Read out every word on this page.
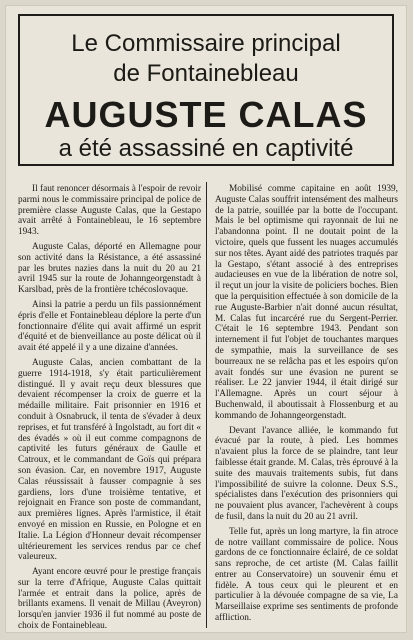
Le Commissaire principal
de Fontainebleau
AUGUSTE CALAS
a été assassiné en captivité

Il faut renoncer désormais à l'espoir de revoir parmi nous le commissaire principal de police de première classe Auguste Calas, que la Gestapo avait arrêté à Fontainebleau, le 16 septembre 1943.

Auguste Calas, déporté en Allemagne pour son activité dans la Résistance, a été assassiné par les brutes nazies dans la nuit du 20 au 21 avril 1945 sur la route de Johanngeorgenstadt à Karslbad, près de la frontière tchécoslovaque.

Ainsi la patrie a perdu un fils passionnément épris d'elle et Fontainebleau déplore la perte d'un fonctionnaire d'élite qui avait affirmé un esprit d'équité et de bienveillance au poste délicat où il avait été appelé il y a une dizaine d'années.

Auguste Calas, ancien combattant de la guerre 1914-1918, s'y était particulièrement distingué. Il y avait reçu deux blessures que devaient récompenser la croix de guerre et la médaille militaire. Fait prisonnier en 1916 et conduit à Osnabruck, il tenta de s'évader à deux reprises, et fut transféré à Ingolstadt, au fort dit « des évadés » où il eut comme compagnons de captivité les futurs généraux de Gaulle et Catroux, et le commandant de Goïs qui prépara son évasion. Car, en novembre 1917, Auguste Calas réussissait à fausser compagnie à ses gardiens, lors d'une troisième tentative, et rejoignait en France son poste de commandant, aux premières lignes. Après l'armistice, il était envoyé en mission en Russie, en Pologne et en Italie. La Légion d'Honneur devait récompenser ultérieurement les services rendus par ce chef valeureux.

Ayant encore œuvré pour le prestige français sur la terre d'Afrique, Auguste Calas quittait l'armée et entrait dans la police, après de brillants examens. Il venait de Millau (Aveyron) lorsqu'en janvier 1936 il fut nommé au poste de choix de Fontainebleau.

Mobilisé comme capitaine en août 1939, Auguste Calas souffrit intensément des malheurs de la patrie, souillée par la botte de l'occupant. Mais le bel optimisme qui rayonnait de lui ne l'abandonna point. Il ne doutait point de la victoire, quels que fussent les nuages accumulés sur nos têtes. Ayant aidé des patriotes traqués par la Gestapo, s'étant associé à des entreprises audacieuses en vue de la libération de notre sol, il reçut un jour la visite de policiers boches. Bien que la perquisition effectuée à son domicile de la rue Auguste-Barbier n'ait donné aucun résultat, M. Calas fut incarcéré rue du Sergent-Perrier. C'était le 16 septembre 1943. Pendant son internement il fut l'objet de touchantes marques de sympathie, mais la surveillance de ses bourreaux ne se relâcha pas et les espoirs qu'on avait fondés sur une évasion ne purent se réaliser. Le 22 janvier 1944, il était dirigé sur l'Allemagne. Après un court séjour à Buchenwald, il aboutissait à Flossenburg et au kommando de Johanngeorgenstadt.

Devant l'avance alliée, le kommando fut évacué par la route, à pied. Les hommes n'avaient plus la force de se plaindre, tant leur faiblesse était grande. M. Calas, très éprouvé à la suite des mauvais traitements subis, fut dans l'impossibilité de suivre la colonne. Deux S.S., spécialistes dans l'exécution des prisonniers qui ne pouvaient plus avancer, l'achevèrent à coups de fusil, dans la nuit du 20 au 21 avril.

Telle fut, après un long martyre, la fin atroce de notre vaillant commissaire de police. Nous gardons de ce fonctionnaire éclairé, de ce soldat sans reproche, de cet artiste (M. Calas faillit entrer au Conservatoire) un souvenir ému et fidèle. A tous ceux qui le pleurent et en particulier à la dévouée compagne de sa vie, La Marseillaise exprime ses sentiments de profonde affliction.
